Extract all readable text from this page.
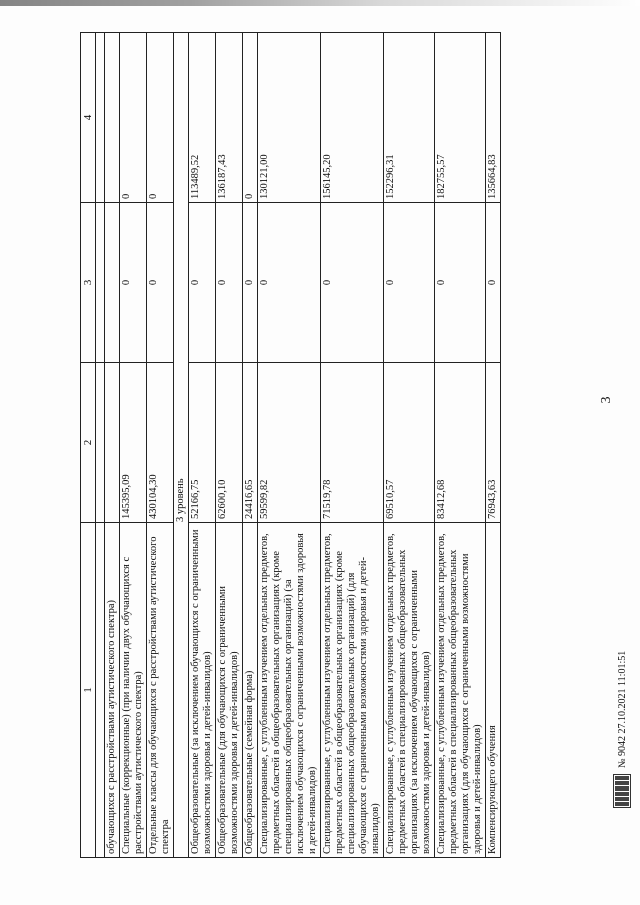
3
1	2	3	4

обучающихся с расстройствами аутистического спектра)			
Специальные (коррекционные) (при наличии двух обучающихся с расстройствами аутистического спектра)	145395,09	0	0
Отдельные классы для обучающихся с расстройствами аутистического спектра	430104,30	0	0
3 уровень			
Общеобразовательные (за исключением обучающихся с ограниченными возможностями здоровья и детей-инвалидов)	52166,75	0	113489,52
Общеобразовательные (для обучающихся с ограниченными возможностями здоровья и детей-инвалидов)	62600,10	0	136187,43
Общеобразовательные (семейная форма)	24416,65	0	0
Специализированные, с углубленным изучением отдельных предметов, предметных областей в общеобразовательных организациях (кроме специализированных общеобразовательных организаций) (за исключением обучающихся с ограниченными возможностями здоровья и детей-инвалидов)	59599,82	0	130121,00
Специализированные, с углубленным изучением отдельных предметов, предметных областей в общеобразовательных организациях (кроме специализированных общеобразовательных организаций) (для обучающихся с ограниченными возможностями здоровья и детей-инвалидов)	71519,78	0	156145,20
Специализированные, с углубленным изучением отдельных предметов, предметных областей в специализированных общеобразовательных организациях (за исключением обучающихся с ограниченными возможностями здоровья и детей-инвалидов)	69510,57	0	152296,31
Специализированные, с углубленным изучением отдельных предметов, предметных областей в специализированных общеобразовательных организациях (для обучающихся с ограниченными возможностями здоровья и детей-инвалидов)	83412,68	0	182755,57
Компенсирующего обучения	76943,63	0	135664,83
№ 9042 27.10.2021 11:01:51
